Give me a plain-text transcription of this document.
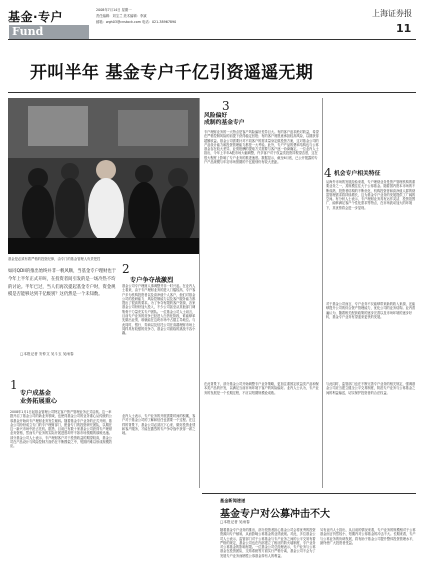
基金·专户
Fund
2008年7月14日 星期一
责任编辑：刘宝兰 美术编辑：李斌
邮箱：wgh03@cnstock.com 电话：021-38967890
上海证券报
11
开叫半年 基金专户千亿引资遥遥无期
基金是必须有着严格的投资纪律，由专门的基金管理人负责把控
如同QDII的推出始终并非一帆风顺，当基金专户理财也于今年上半年正式开叫，在投资者间引发的是一场冷热不均的讨论。半年已过，当人们再次提起基金专户时，资金规模是否能够达到千亿级别？这仍然是一个未知数。
□本报记者 安仲文 吴斗玉 吴雨春
1
专户成基金
业务拓展重心
2008年1月1日起基金管理公司特定客户资产管理业务正式启航。这一举措开启了基金公司的新业务领域，也使得基金公司的业务重心从传统的公募基金开始向专户理财业务发生倾斜。随着基金专户业务的正式开闸，基金公司纷纷成立专门的专户理财部门，配备专门的投资研究团队，以期在这一新兴市场中抢占先机。据悉，目前已有数十家基金公司获得专户理财业务资格，然而专户业务的实际开展进度却并不如市场预期的那般迅速。部分基金公司人士表示，专户理财客户对于投资收益的期望较高，基金公司在产品设计与风险控制方面仍在不断摸索之中，短期内难以形成规模效应。
2
专户争夺战激烈
基金公司专户理财人事调整并非一时兴起。在业内人士看来，由于专户理财业务的进入门槛较高，专户客户多为机构投资者以及高净值个人客户，他们对基金公司的投研能力、风险控制能力以及客户服务能力都提出了很高的要求。为了争夺有限的客户资源，各家基金公司纷纷加大投入，不少公司甚至从其他部门调集骨干力量充实专户团队。一位基金公司人士坦言，目前专户业务的竞争已经进入白热化阶段，谁能够率先做出业绩，谁就能在这块市场中占据主导地位。与此同时，银行、券商以及信托公司在高端理财市场上同样具有较强的竞争力，基金公司面临的挑战不容小觑。
业内人士表示，专户业务的开展需要时间的积累，客户对于基金公司的了解和信任也需要一个过程。在这样的背景下，基金公司必须沉下心来，做好投资业绩和客户服务，才能在激烈的专户争夺战中获得一席之地。
3
风险偏好
成制约基金专户
专户理财业务的一大特点是客户风险偏好差异巨大。有的客户追求绝对收益，希望在严格控制风险的前提下获得稳定回报；有的客户则愿意承担较高风险，以期获得超额收益。基金公司需要针对不同客户的需求量身定做投资方案，这对基金公司的产品设计能力和投资管理能力都是一大考验。此外，专户产品的费率结构也与公募基金存在较大差异，业绩报酬的提取方式需要与客户逐一协商确定。一位业内人士指出，今年上半年A股市场大幅调整，许多客户对于权益类投资持观望态度，这在很大程度上影响了专户业务的推进速度。数据显示，截至6月底，已公开披露的专户产品规模与年初市场预期的千亿级别仍有较大差距。
在此背景下，部分基金公司开始调整专户业务策略，更加注重固定收益类产品和保本类产品的开发，以满足当前市场环境下客户的风险偏好。业内人士认为，专户业务的发展是一个长期过程，不应以短期规模论成败。
4 机会专户相关特征
从海外市场的发展经验来看，专户理财业务是资产管理机构的重要业务之一，其规模往往大于公募基金。随着国内资本市场的不断成熟，投资者结构的不断优化，机构投资者和高净值人群的财富管理需求将持续增长，这为基金专户业务的发展提供了广阔的空间。有分析人士表示，专户理财业务具有运作灵活、投资范围广、能够满足客户个性化需求等特点，在市场波动加大的环境下，其优势将会进一步显现。
对于基金公司而言，专户业务不仅能够带来新的收入来源，还能够提升公司的综合资产管理能力，优化公司的业务结构。业内普遍认为，随着相关配套政策的逐步完善以及市场环境的逐步好转，基金专户业务有望迎来更快的发展。
与此同时，监管部门也在不断完善专户业务的相关规定，强调基金公司应当建立健全公平交易制度，防范专户业务与公募基金之间的利益输送，切实保护投资者的合法权益。
基金新闻速递
基金专户对公募冲击不大
□本报记者 吴雨春
随着基金专户业务的推出，部分投资者担心基金公司会将优秀的投资资源向专户倾斜，从而影响公募基金的业绩表现。对此，多位基金公司人士表示，监管部门对于公募基金与专户业务之间的公平交易有着严格的规定，基金公司也在内部建立了相应的防火墙制度，专户业务对公募基金的影响有限。一位基金公司总经理表示，专户业务与公募基金在投资团队、交易系统等方面实行严格分离，基金公司不会为了发展专户业务而牺牲公募基金持有人的利益。
另有业内人士指出，从目前的情况来看，专户业务的规模相对于公募基金而言仍然较小，短期内对公募基金的冲击不大。长期来看，专户与公募业务的协调发展，将有助于基金公司提升整体投资管理水平，最终使广大投资者受益。
